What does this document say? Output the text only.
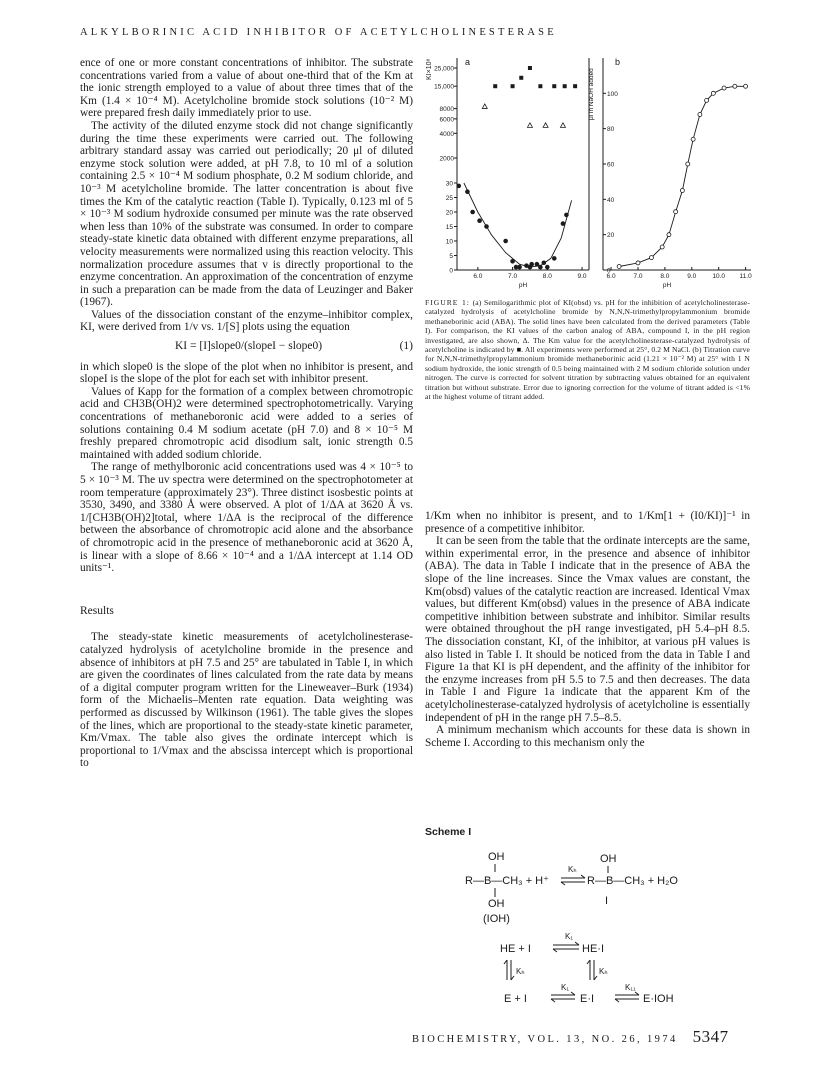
ALKYLBORINIC ACID INHIBITOR OF ACETYLCHOLINESTERASE

ence of one or more constant concentrations of inhibitor. The substrate concentrations varied from a value of about one-third that of the Km at the ionic strength employed to a value of about three times that of the Km (1.4 × 10⁻⁴ M). Acetylcholine bromide stock solutions (10⁻² M) were prepared fresh daily immediately prior to use.

The activity of the diluted enzyme stock did not change significantly during the time these experiments were carried out. The following arbitrary standard assay was carried out periodically; 20 μl of diluted enzyme stock solution were added, at pH 7.8, to 10 ml of a solution containing 2.5 × 10⁻⁴ M sodium phosphate, 0.2 M sodium chloride, and 10⁻³ M acetylcholine bromide. The latter concentration is about five times the Km of the catalytic reaction (Table I). Typically, 0.123 ml of 5 × 10⁻³ M sodium hydroxide consumed per minute was the rate observed when less than 10% of the substrate was consumed. In order to compare steady-state kinetic data obtained with different enzyme preparations, all velocity measurements were normalized using this reaction velocity. This normalization procedure assumes that v is directly proportional to the enzyme concentration. An approximation of the concentration of enzyme in such a preparation can be made from the data of Leuzinger and Baker (1967).

Values of the dissociation constant of the enzyme–inhibitor complex, KI, were derived from 1/v vs. 1/[S] plots using the equation

KI = [I]slope0/(slopeI − slope0)	(1)

in which slope0 is the slope of the plot when no inhibitor is present, and slopeI is the slope of the plot for each set with inhibitor present.

Values of Kapp for the formation of a complex between chromotropic acid and CH3B(OH)2 were determined spectrophotometrically. Varying concentrations of methaneboronic acid were added to a series of solutions containing 0.4 M sodium acetate (pH 7.0) and 8 × 10⁻⁵ M freshly prepared chromotropic acid disodium salt, ionic strength 0.5 maintained with added sodium chloride.

The range of methylboronic acid concentrations used was 4 × 10⁻⁵ to 5 × 10⁻³ M. The uv spectra were determined on the spectrophotometer at room temperature (approximately 23°). Three distinct isosbestic points at 3530, 3490, and 3380 Å were observed. A plot of 1/ΔA at 3620 Å vs. 1/[CH3B(OH)2]total, where 1/ΔA is the reciprocal of the difference between the absorbance of chromotropic acid alone and the absorbance of chromotropic acid in the presence of methaneboronic acid at 3620 Å, is linear with a slope of 8.66 × 10⁻⁴ and a 1/ΔA intercept at 1.14 OD units⁻¹.

Results

The steady-state kinetic measurements of acetylcholinesterase-catalyzed hydrolysis of acetylcholine bromide in the presence and absence of inhibitors at pH 7.5 and 25° are tabulated in Table I, in which are given the coordinates of lines calculated from the rate data by means of a digital computer program written for the Lineweaver–Burk (1934) form of the Michaelis–Menten rate equation. Data weighting was performed as discussed by Wilkinson (1961). The table gives the slopes of the lines, which are proportional to the steady-state kinetic parameter, Km/Vmax. The table also gives the ordinate intercept which is proportional to 1/Vmax and the abscissa intercept which is proportional to

a
KI×10⁸ 25,000
15,000
8000
6000
4000
2000
30
25
20
15
10
5
0
6.0	7.0	8.0	9.0
pH
b
μl in NaOH added 100
80
60
40
20
0
6.0	7.0	8.0	9.0 10.0 11.0
pH
FIGURE 1: (a) Semilogarithmic plot of KI(obsd) vs. pH for the inhibition of acetylcholinesterase-catalyzed hydrolysis of acetylcholine bromide by N,N,N-trimethylpropylammonium bromide methaneborinic acid (ABA). The solid lines have been calculated from the derived parameters (Table I). For comparison, the KI values of the carbon analog of ABA, compound I, in the pH region investigated, are also shown, Δ. The Km value for the acetylcholinesterase-catalyzed hydrolysis of acetylcholine is indicated by ■. All experiments were performed at 25°, 0.2 M NaCl. (b) Titration curve for N,N,N-trimethylpropylammonium bromide methaneborinic acid (1.21 × 10⁻² M) at 25° with 1 N sodium hydroxide, the ionic strength of 0.5 being maintained with 2 M sodium chloride solution under nitrogen. The curve is corrected for solvent titration by subtracting values obtained for an equivalent titration but without substrate. Error due to ignoring correction for the volume of titrant added is <1% at the highest volume of titrant added.

1/Km when no inhibitor is present, and to 1/Km[1 + (I0/KI)]⁻¹ in presence of a competitive inhibitor.

It can be seen from the table that the ordinate intercepts are the same, within experimental error, in the presence and absence of inhibitor (ABA). The data in Table I indicate that in the presence of ABA the slope of the line increases. Since the Vmax values are constant, the Km(obsd) values of the catalytic reaction are increased. Identical Vmax values, but different Km(obsd) values in the presence of ABA indicate competitive inhibition between substrate and inhibitor. Similar results were obtained throughout the pH range investigated, pH 5.4–pH 8.5. The dissociation constant, KI, of the inhibitor, at various pH values is also listed in Table I. It should be noticed from the data in Table I and Figure 1a that KI is pH dependent, and the affinity of the inhibitor for the enzyme increases from pH 5.5 to 7.5 and then decreases. The data in Table I and Figure 1a indicate that the apparent Km of the acetylcholinesterase-catalyzed hydrolysis of acetylcholine is essentially independent of pH in the range pH 7.5–8.5.

A minimum mechanism which accounts for these data is shown in Scheme I. According to this mechanism only the

Scheme I
OH	OH
R—B—CH₃ + H⁺
Kₕ
R—B—CH₃ + H₂O
OH
(IOH)
I
HE + I
K₁
HE·I
Kₕ	Kₕ
E + I
K₁
E·I
K₁₁
E·IOH
BIOCHEMISTRY, VOL. 13, NO. 26, 1974 5347
